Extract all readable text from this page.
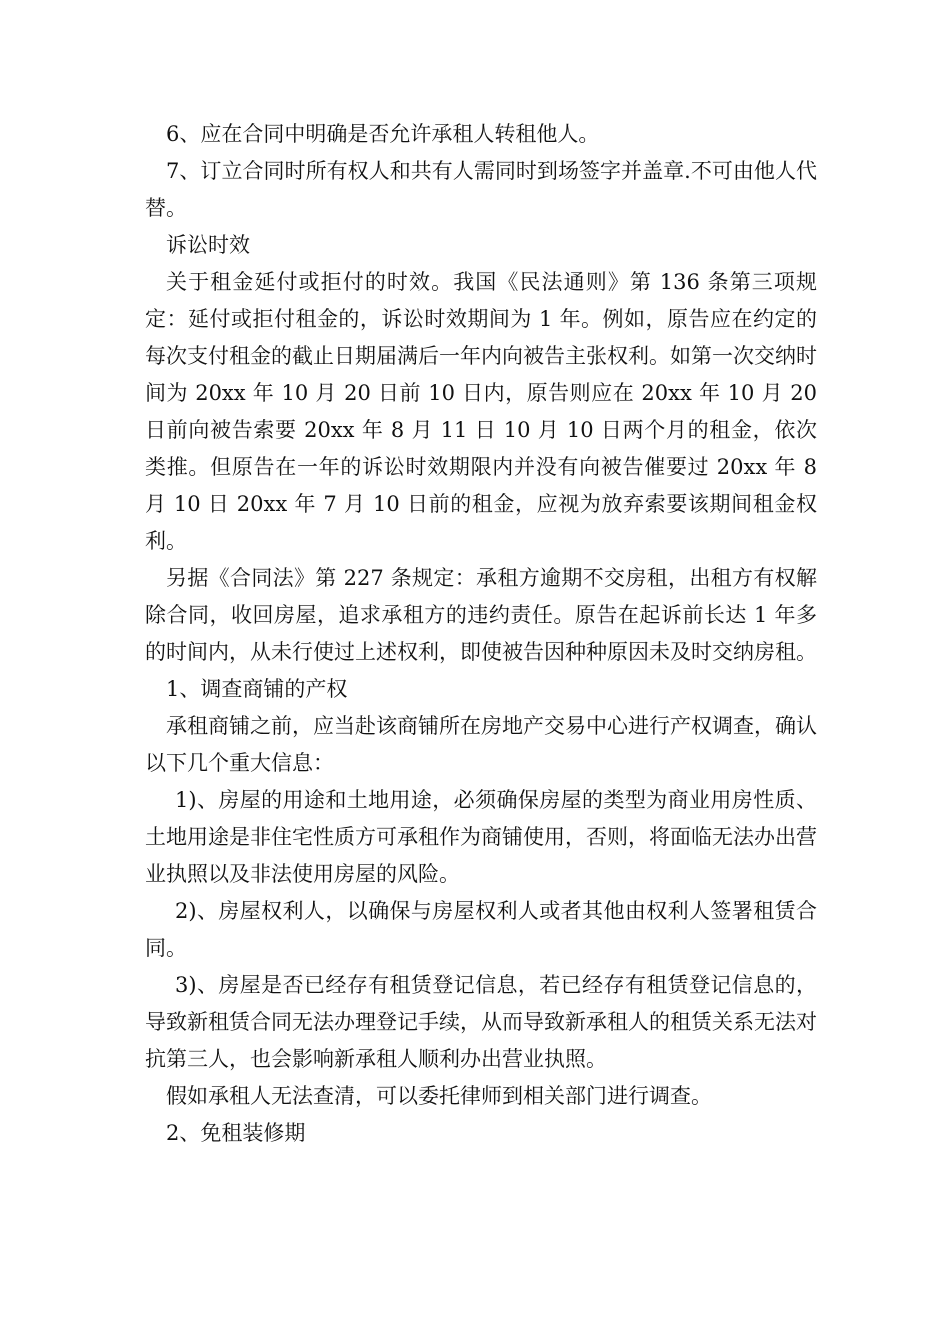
6、应在合同中明确是否允许承租人转租他人。

7、订立合同时所有权人和共有人需同时到场签字并盖章.不可由他人代替。

诉讼时效

关于租金延付或拒付的时效。我国《民法通则》第 136 条第三项规定：延付或拒付租金的，诉讼时效期间为 1 年。例如，原告应在约定的每次支付租金的截止日期届满后一年内向被告主张权利。如第一次交纳时间为 20xx 年 10 月 20 日前 10 日内，原告则应在 20xx 年 10 月 20 日前向被告索要 20xx 年 8 月 11 日 10 月 10 日两个月的租金，依次类推。但原告在一年的诉讼时效期限内并没有向被告催要过 20xx 年 8 月 10 日 20xx 年 7 月 10 日前的租金，应视为放弃索要该期间租金权利。

另据《合同法》第 227 条规定：承租方逾期不交房租，出租方有权解除合同，收回房屋，追求承租方的违约责任。原告在起诉前长达 1 年多的时间内，从未行使过上述权利，即使被告因种种原因未及时交纳房租。

1、调查商铺的产权

承租商铺之前，应当赴该商铺所在房地产交易中心进行产权调查，确认以下几个重大信息：

1)、房屋的用途和土地用途，必须确保房屋的类型为商业用房性质、土地用途是非住宅性质方可承租作为商铺使用，否则，将面临无法办出营业执照以及非法使用房屋的风险。

2)、房屋权利人，以确保与房屋权利人或者其他由权利人签署租赁合同。

3)、房屋是否已经存有租赁登记信息，若已经存有租赁登记信息的，导致新租赁合同无法办理登记手续，从而导致新承租人的租赁关系无法对抗第三人，也会影响新承租人顺利办出营业执照。

假如承租人无法查清，可以委托律师到相关部门进行调查。

2、免租装修期
